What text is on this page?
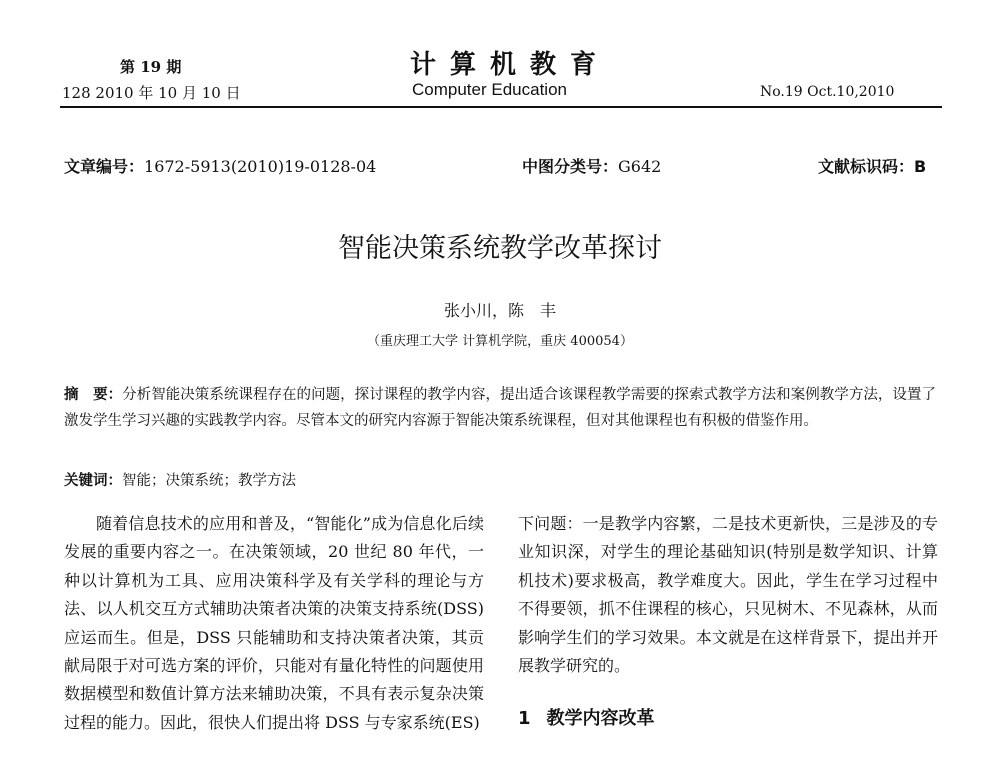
第 19 期
128 2010 年 10 月 10 日
计算机教育
Computer Education	No.19 Oct.10,2010
文章编号：1672-5913(2010)19-0128-04	中图分类号：G642	文献标识码：B
智能决策系统教学改革探讨
张小川，陈　丰
（重庆理工大学 计算机学院，重庆 400054）
摘　要：分析智能决策系统课程存在的问题，探讨课程的教学内容，提出适合该课程教学需要的探索式教学方法和案例教学方法，设置了激发学生学习兴趣的实践教学内容。尽管本文的研究内容源于智能决策系统课程，但对其他课程也有积极的借鉴作用。
关键词：智能；决策系统；教学方法
随着信息技术的应用和普及，“智能化”成为信息化后续发展的重要内容之一。在决策领域，20 世纪 80 年代，一种以计算机为工具、应用决策科学及有关学科的理论与方法、以人机交互方式辅助决策者决策的决策支持系统(DSS)应运而生。但是，DSS 只能辅助和支持决策者决策，其贡献局限于对可选方案的评价，只能对有量化特性的问题使用数据模型和数值计算方法来辅助决策，不具有表示复杂决策过程的能力。因此，很快人们提出将 DSS 与专家系统(ES)
下问题：一是教学内容繁，二是技术更新快，三是涉及的专业知识深，对学生的理论基础知识(特别是数学知识、计算机技术)要求极高，教学难度大。因此，学生在学习过程中不得要领，抓不住课程的核心，只见树木、不见森林，从而影响学生们的学习效果。本文就是在这样背景下，提出并开展教学研究的。
1 教学内容改革
